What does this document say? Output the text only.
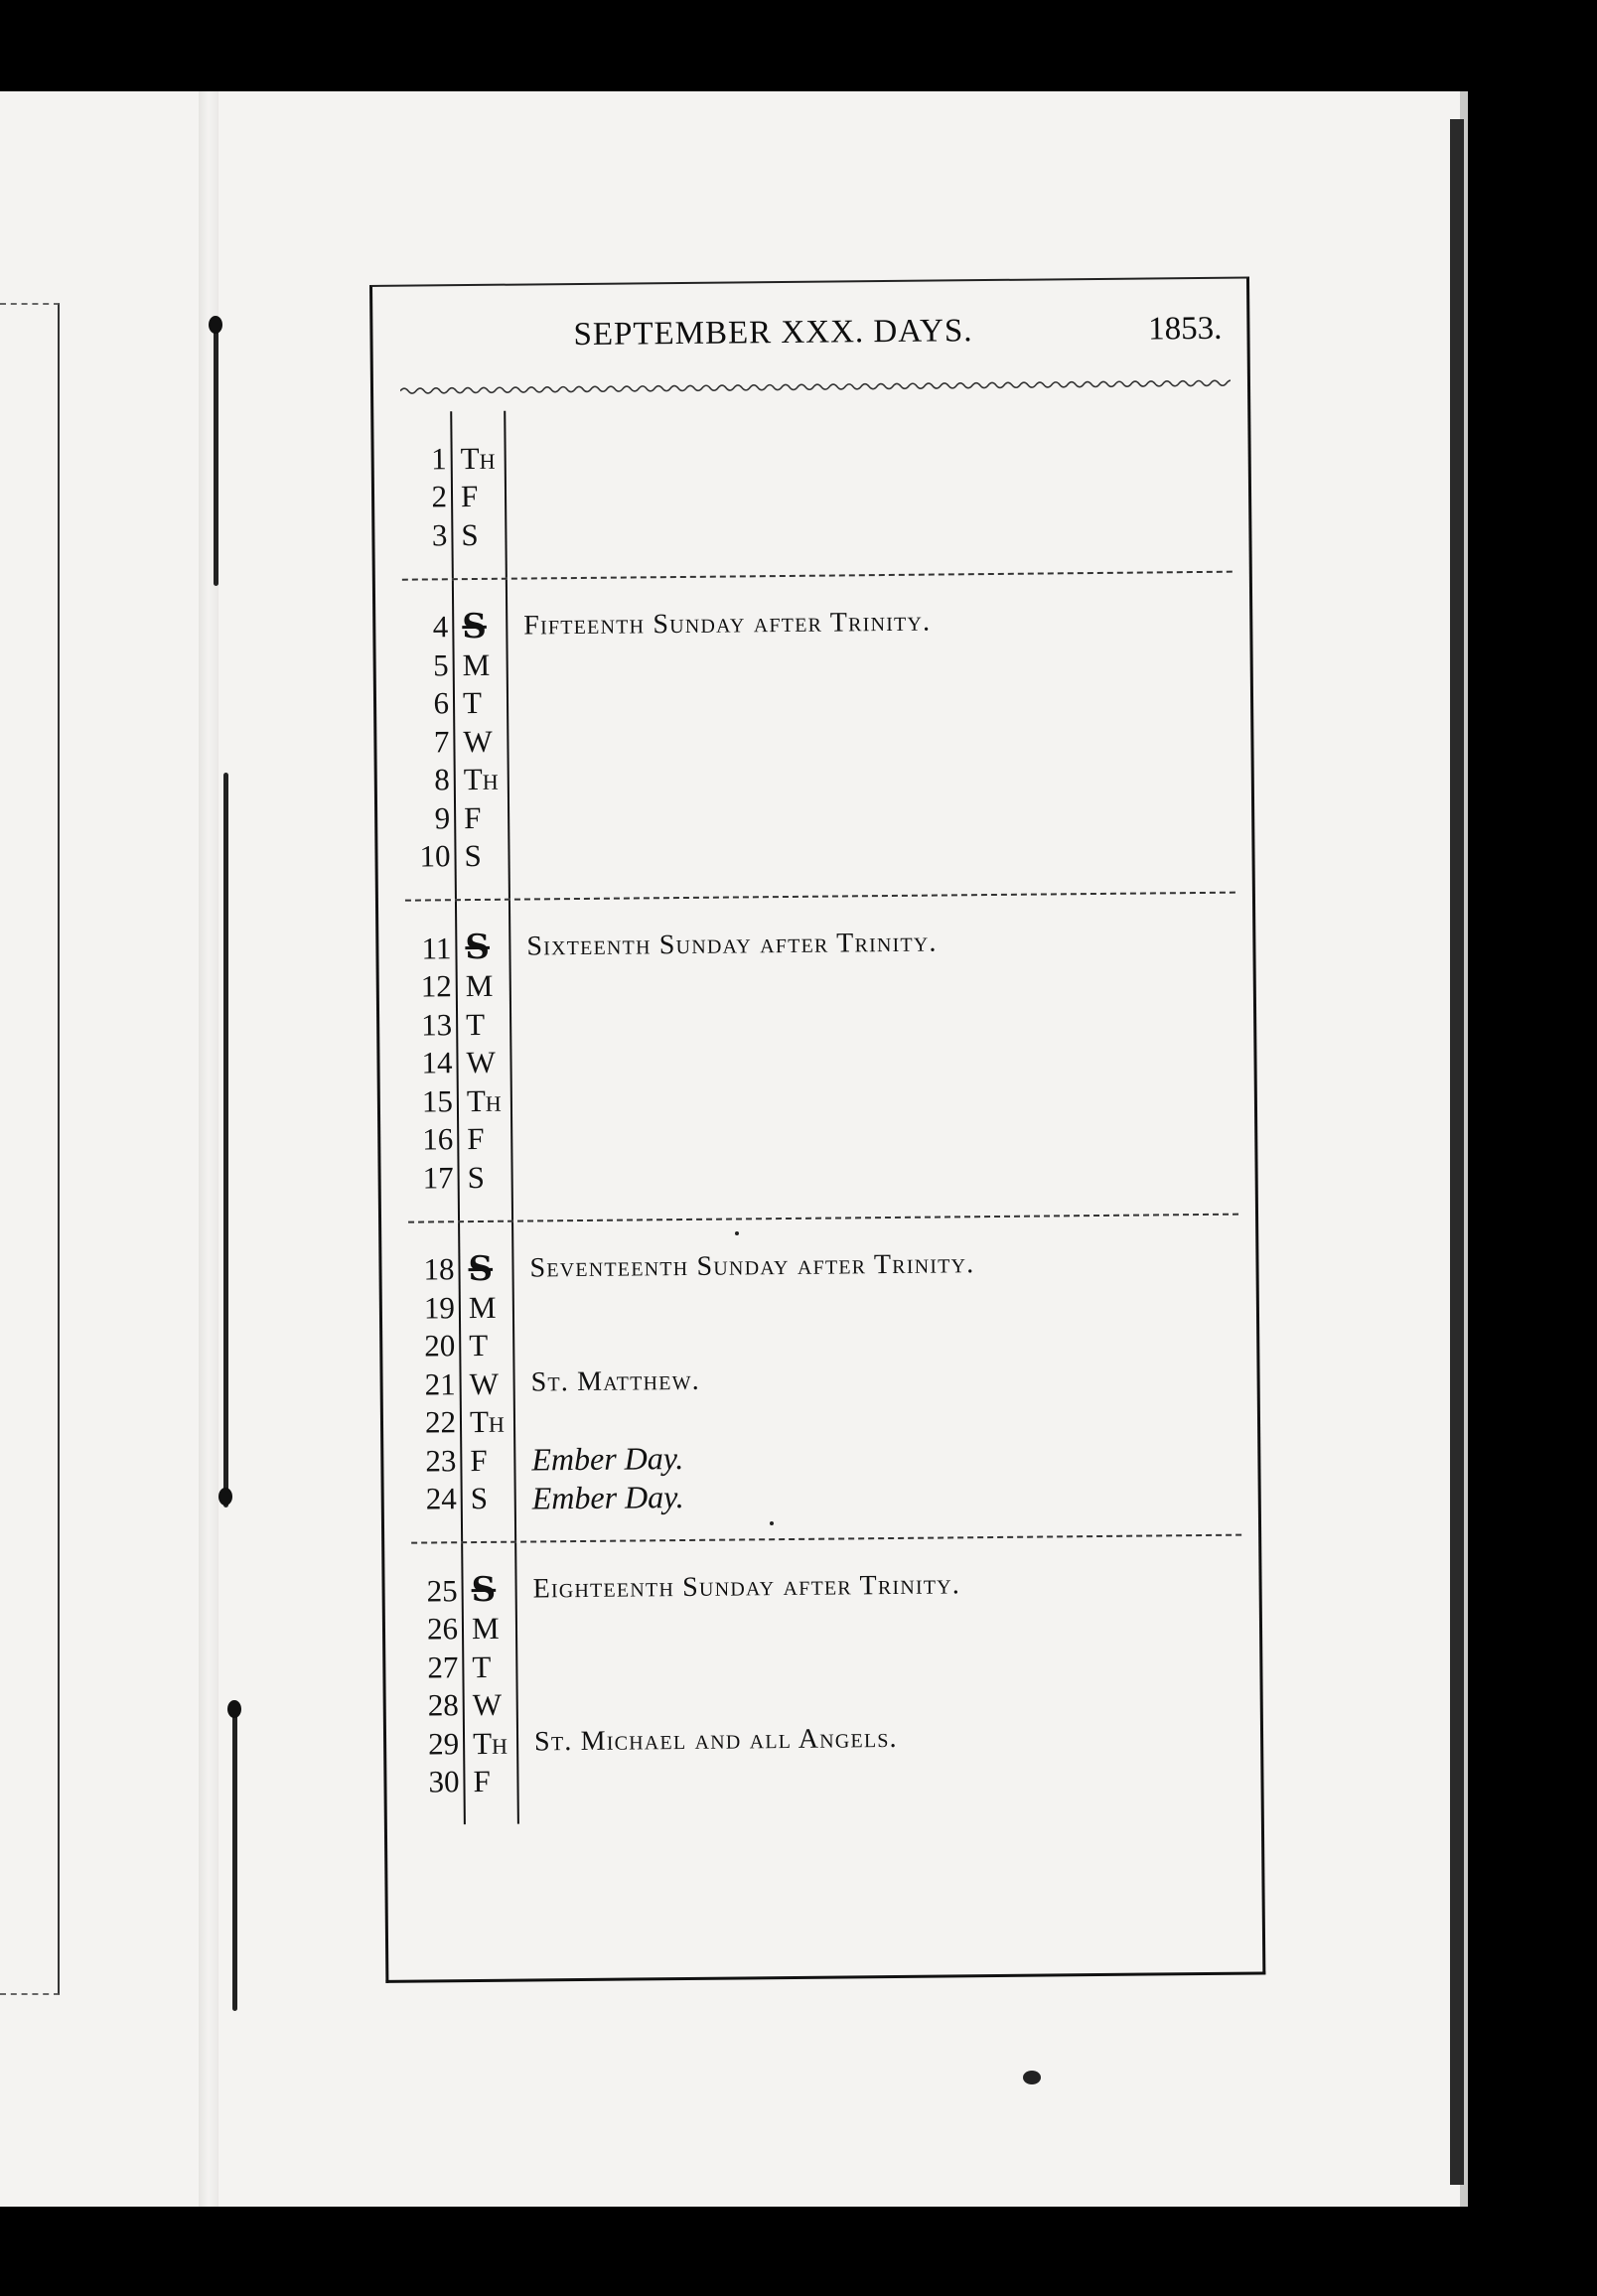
SEPTEMBER XXX. DAYS.	1853.
1 TH
2 F
3 S
4 S	Fifteenth Sunday after Trinity.
5 M
6 T
7 W
8 TH
9 F
10 S
11 S	Sixteenth Sunday after Trinity.
12 M
13 T
14 W
15 TH
16 F
17 S
18 S	Seventeenth Sunday after Trinity.
19 M
20 T
21 W	St. Matthew.
22 TH
23 F	Ember Day.
24 S	Ember Day.
25 S	Eighteenth Sunday after Trinity.
26 M
27 T
28 W
29 TH St. Michael and all Angels.
30 F
